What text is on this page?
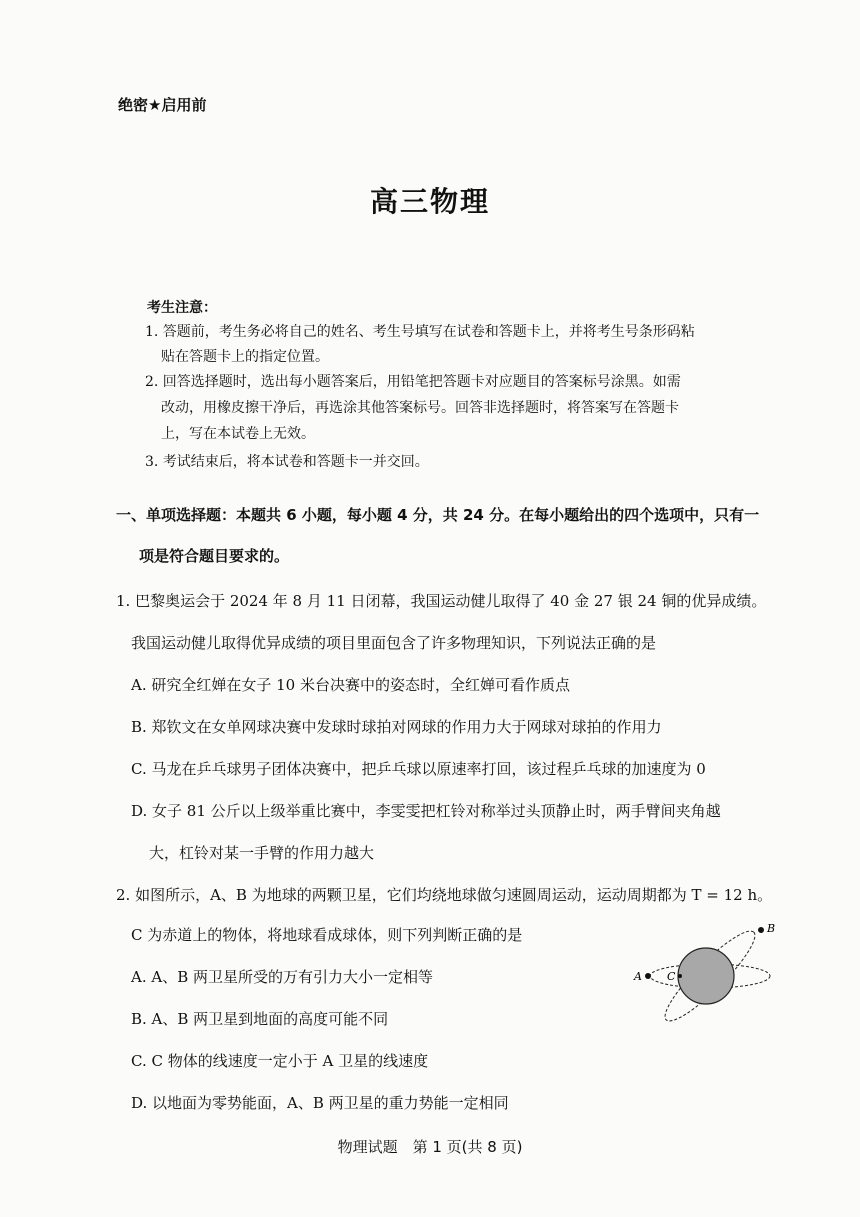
绝密★启用前
高三物理
考生注意：
1. 答题前，考生务必将自己的姓名、考生号填写在试卷和答题卡上，并将考生号条形码粘
贴在答题卡上的指定位置。
2. 回答选择题时，选出每小题答案后，用铅笔把答题卡对应题目的答案标号涂黑。如需
改动，用橡皮擦干净后，再选涂其他答案标号。回答非选择题时，将答案写在答题卡
上，写在本试卷上无效。
3. 考试结束后，将本试卷和答题卡一并交回。
一、单项选择题：本题共 6 小题，每小题 4 分，共 24 分。在每小题给出的四个选项中，只有一
项是符合题目要求的。
1. 巴黎奥运会于 2024 年 8 月 11 日闭幕，我国运动健儿取得了 40 金 27 银 24 铜的优异成绩。
我国运动健儿取得优异成绩的项目里面包含了许多物理知识，下列说法正确的是
A. 研究全红婵在女子 10 米台决赛中的姿态时，全红婵可看作质点
B. 郑钦文在女单网球决赛中发球时球拍对网球的作用力大于网球对球拍的作用力
C. 马龙在乒乓球男子团体决赛中，把乒乓球以原速率打回，该过程乒乓球的加速度为 0
D. 女子 81 公斤以上级举重比赛中，李雯雯把杠铃对称举过头顶静止时，两手臂间夹角越
大，杠铃对某一手臂的作用力越大
2. 如图所示，A、B 为地球的两颗卫星，它们均绕地球做匀速圆周运动，运动周期都为 T = 12 h。
C 为赤道上的物体，将地球看成球体，则下列判断正确的是
A. A、B 两卫星所受的万有引力大小一定相等
B. A、B 两卫星到地面的高度可能不同
C. C 物体的线速度一定小于 A 卫星的线速度
D. 以地面为零势能面，A、B 两卫星的重力势能一定相同
A
B
C
物理试题　第 1 页(共 8 页)
